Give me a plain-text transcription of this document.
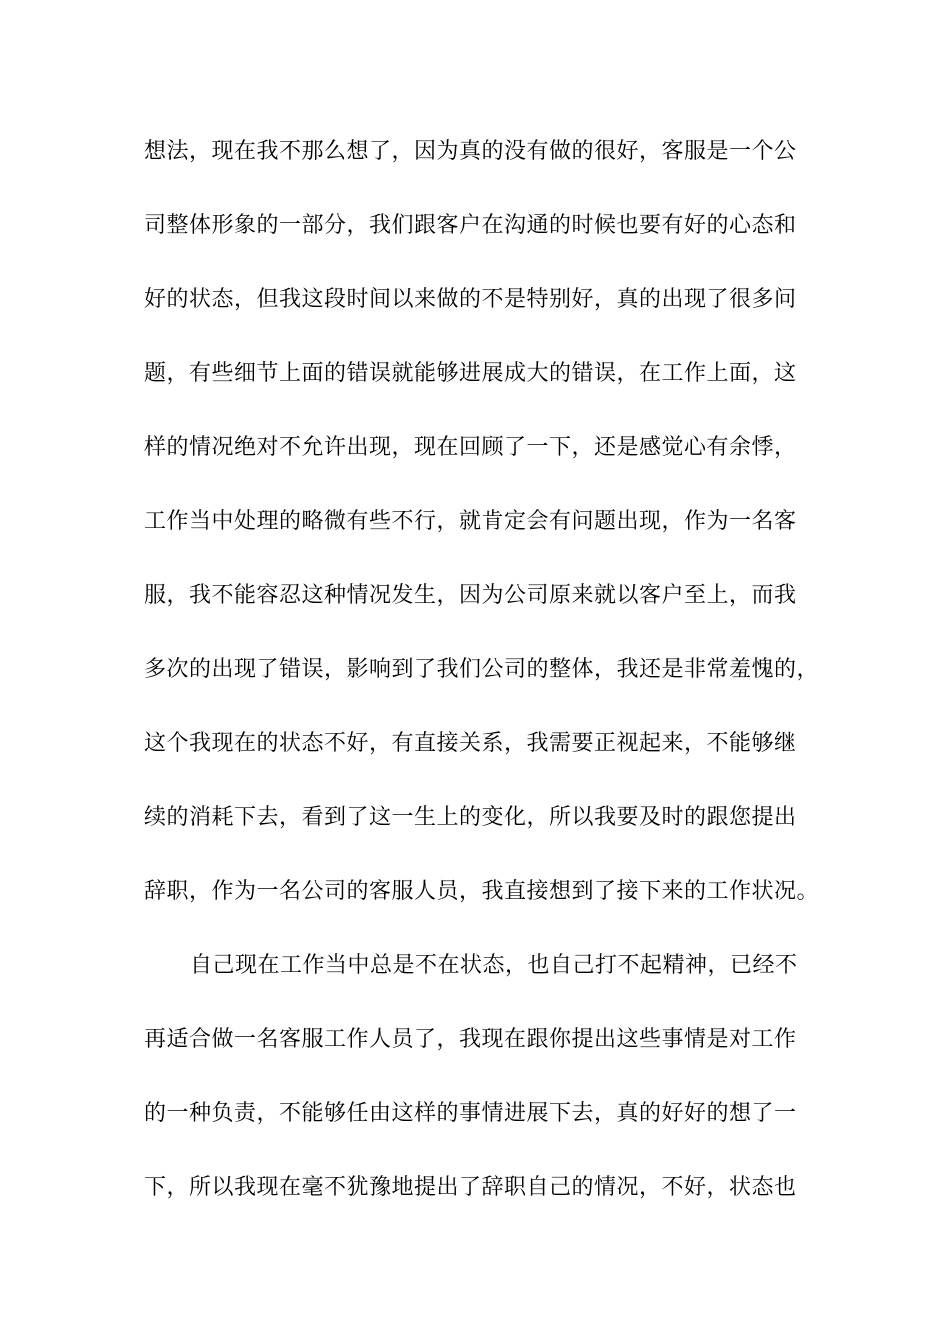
想法，现在我不那么想了，因为真的没有做的很好，客服是一个公
司整体形象的一部分，我们跟客户在沟通的时候也要有好的心态和
好的状态，但我这段时间以来做的不是特别好，真的出现了很多问
题，有些细节上面的错误就能够进展成大的错误，在工作上面，这
样的情况绝对不允许出现，现在回顾了一下，还是感觉心有余悸，
工作当中处理的略微有些不行，就肯定会有问题出现，作为一名客
服，我不能容忍这种情况发生，因为公司原来就以客户至上，而我
多次的出现了错误，影响到了我们公司的整体，我还是非常羞愧的，
这个我现在的状态不好，有直接关系，我需要正视起来，不能够继
续的消耗下去，看到了这一生上的变化，所以我要及时的跟您提出
辞职，作为一名公司的客服人员，我直接想到了接下来的工作状况。
自己现在工作当中总是不在状态，也自己打不起精神，已经不
再适合做一名客服工作人员了，我现在跟你提出这些事情是对工作
的一种负责，不能够任由这样的事情进展下去，真的好好的想了一
下，所以我现在毫不犹豫地提出了辞职自己的情况，不好，状态也
